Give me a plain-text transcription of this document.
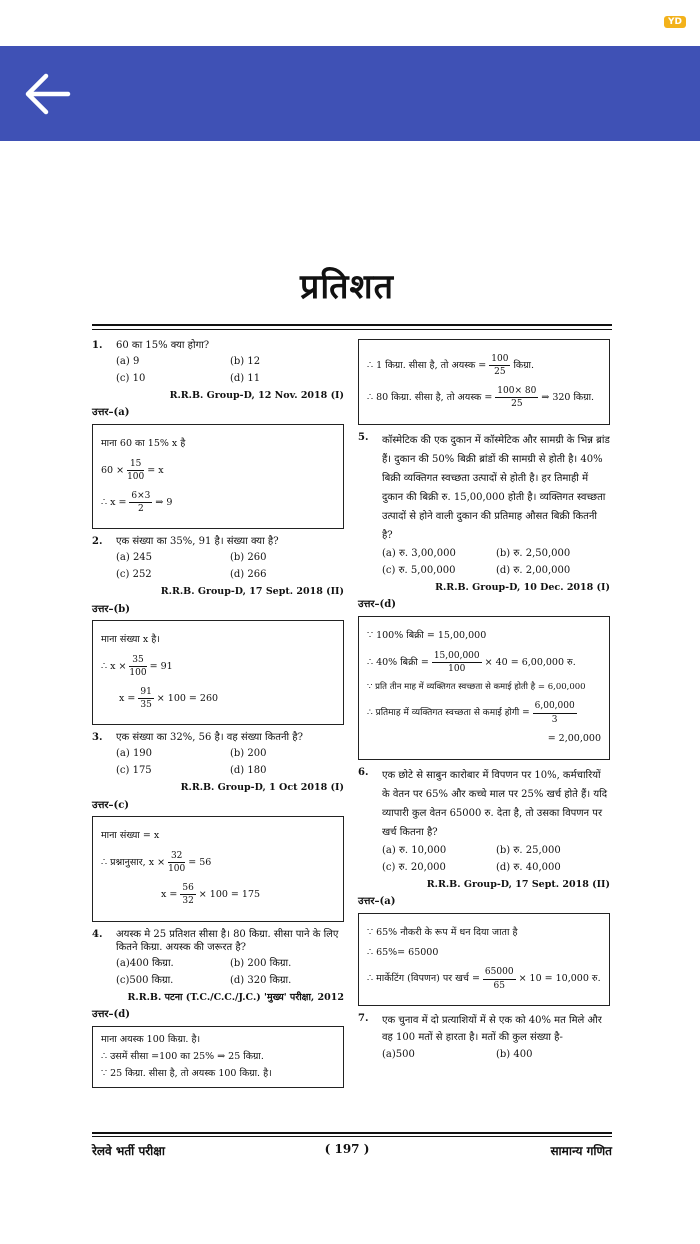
YD
प्रतिशत
1.	60 का 15% क्या होगा?
(a) 9	(b) 12
(c) 10	(d) 11
R.R.B. Group-D, 12 Nov. 2018 (I)
उत्तर–(a)
माना 60 का 15% x है
$60 \times \frac{15}{100} = x$
∴ $x = \frac{6\times 3}{2}$ ⇒ 9
2.	एक संख्या का 35%, 91 है। संख्या क्या है?
(a) 245	(b) 260
(c) 252	(d) 266
R.R.B. Group-D, 17 Sept. 2018 (II)
उत्तर–(b)
माना संख्या x है।
∴ $x \times \frac{35}{100} = 91$
$x = \frac{91}{35} \times 100 = 260$
3.	एक संख्या का 32%, 56 है। वह संख्या कितनी है?
(a) 190	(b) 200
(c) 175	(d) 180
R.R.B. Group-D, 1 Oct 2018 (I)
उत्तर–(c)
माना संख्या = x
∴ प्रश्नानुसार, $x \times \frac{32}{100} = 56$
$x = \frac{56}{32} \times 100 = 175$
4.	अयस्क मे 25 प्रतिशत सीसा है। 80 किग्रा. सीसा पाने के लिए कितने किग्रा. अयस्क की जरूरत है?
(a)400 किग्रा.	(b) 200 किग्रा.
(c)500 किग्रा.	(d) 320 किग्रा.
R.R.B. पटना (T.C./C.C./J.C.) 'मुख्य' परीक्षा, 2012
उत्तर–(d)
माना अयस्क 100 किग्रा. है।
∴ उसमें सीसा =100 का 25% ⇒ 25 किग्रा.
∵ 25 किग्रा. सीसा है, तो अयस्क 100 किग्रा. है।
∴ 1 किग्रा. सीसा है, तो अयस्क = $\frac{100}{25}$ किग्रा.
∴ 80 किग्रा. सीसा है, तो अयस्क = $\frac{100\times 80}{25}$ ⇒ 320 किग्रा.
5.	कॉस्मेटिक की एक दुकान में कॉस्मेटिक और सामग्री के भिन्न ब्रांड हैं। दुकान की 50% बिक्री ब्रांडों की सामग्री से होती है। 40% बिक्री व्यक्तिगत स्वच्छता उत्पादों से होती है। हर तिमाही में दुकान की बिक्री रु. 15,00,000 होती है। व्यक्तिगत स्वच्छता उत्पादों से होने वाली दुकान की प्रतिमाह औसत बिक्री कितनी है?
(a) रु. 3,00,000	(b) रु. 2,50,000
(c) रु. 5,00,000	(d) रु. 2,00,000
R.R.B. Group-D, 10 Dec. 2018 (I)
उत्तर–(d)
∵ 100% बिक्री = 15,00,000
∴ 40% बिक्री = $\frac{15,00,000}{100} \times 40 = 6,00,000$ रु.
∵ प्रति तीन माह में व्यक्तिगत स्वच्छता से कमाई होती है = 6,00,000
∴ प्रतिमाह में व्यक्तिगत स्वच्छता से कमाई होगी = $\frac{6,00,000}{3}$
= 2,00,000
6.	एक छोटे से साबुन कारोबार में विपणन पर 10%, कर्मचारियों के वेतन पर 65% और कच्चे माल पर 25% खर्च होते हैं। यदि व्यापारी कुल वेतन 65000 रु. देता है, तो उसका विपणन पर खर्च कितना है?
(a) रु. 10,000	(b) रु. 25,000
(c) रु. 20,000	(d) रु. 40,000
R.R.B. Group-D, 17 Sept. 2018 (II)
उत्तर–(a)
∵ 65% नौकरी के रूप में धन दिया जाता है
∴ 65%= 65000
∴ मार्केटिंग (विपणन) पर खर्च = $\frac{65000}{65} \times 10 = 10,000$ रु.
7.	एक चुनाव में दो प्रत्याशियों में से एक को 40% मत मिले और वह 100 मतों से हारता है। मतों की कुल संख्या है-
(a)500	(b) 400
रेलवे भर्ती परीक्षा	( 197 )	सामान्य गणित
